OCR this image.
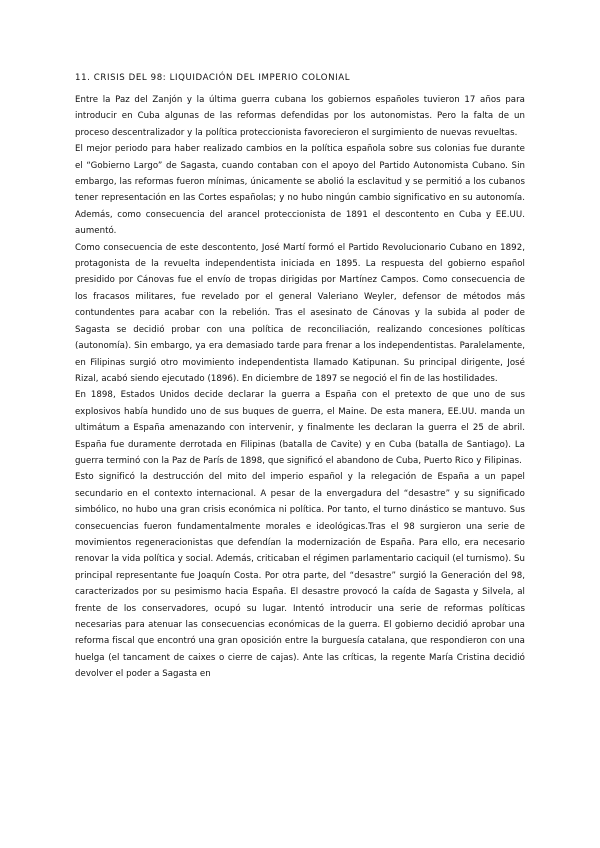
11. CRISIS DEL 98: LIQUIDACIÓN DEL IMPERIO COLONIAL

Entre la Paz del Zanjón y la última guerra cubana los gobiernos españoles tuvieron 17 años para introducir en Cuba algunas de las reformas defendidas por los autonomistas. Pero la falta de un proceso descentralizador y la política proteccionista favorecieron el surgimiento de nuevas revueltas.

El mejor periodo para haber realizado cambios en la política española sobre sus colonias fue durante el “Gobierno Largo” de Sagasta, cuando contaban con el apoyo del Partido Autonomista Cubano. Sin embargo, las reformas fueron mínimas, únicamente se abolió la esclavitud y se permitió a los cubanos tener representación en las Cortes españolas; y no hubo ningún cambio significativo en su autonomía. Además, como consecuencia del arancel proteccionista de 1891 el descontento en Cuba y EE.UU. aumentó.

Como consecuencia de este descontento, José Martí formó el Partido Revolucionario Cubano en 1892, protagonista de la revuelta independentista iniciada en 1895. La respuesta del gobierno español presidido por Cánovas fue el envío de tropas dirigidas por Martínez Campos. Como consecuencia de los fracasos militares, fue revelado por el general Valeriano Weyler, defensor de métodos más contundentes para acabar con la rebelión. Tras el asesinato de Cánovas y la subida al poder de Sagasta se decidió probar con una política de reconciliación, realizando concesiones políticas (autonomía). Sin embargo, ya era demasiado tarde para frenar a los independentistas. Paralelamente, en Filipinas surgió otro movimiento independentista llamado Katipunan. Su principal dirigente, José Rizal, acabó siendo ejecutado (1896). En diciembre de 1897 se negoció el fin de las hostilidades.

En 1898, Estados Unidos decide declarar la guerra a España con el pretexto de que uno de sus explosivos había hundido uno de sus buques de guerra, el Maine. De esta manera, EE.UU. manda un ultimátum a España amenazando con intervenir, y finalmente les declaran la guerra el 25 de abril. España fue duramente derrotada en Filipinas (batalla de Cavite) y en Cuba (batalla de Santiago). La guerra terminó con la Paz de París de 1898, que significó el abandono de Cuba, Puerto Rico y Filipinas.

Esto significó la destrucción del mito del imperio español y la relegación de España a un papel secundario en el contexto internacional. A pesar de la envergadura del “desastre” y su significado simbólico, no hubo una gran crisis económica ni política. Por tanto, el turno dinástico se mantuvo. Sus consecuencias fueron fundamentalmente morales e ideológicas.Tras el 98 surgieron una serie de movimientos regeneracionistas que defendían la modernización de España. Para ello, era necesario renovar la vida política y social. Además, criticaban el régimen parlamentario caciquil (el turnismo). Su principal representante fue Joaquín Costa. Por otra parte, del “desastre” surgió la Generación del 98, caracterizados por su pesimismo hacia España. El desastre provocó la caída de Sagasta y Silvela, al frente de los conservadores, ocupó su lugar. Intentó introducir una serie de reformas políticas necesarias para atenuar las consecuencias económicas de la guerra. El gobierno decidió aprobar una reforma fiscal que encontró una gran oposición entre la burguesía catalana, que respondieron con una huelga (el tancament de caixes o cierre de cajas). Ante las críticas, la regente María Cristina decidió devolver el poder a Sagasta en
